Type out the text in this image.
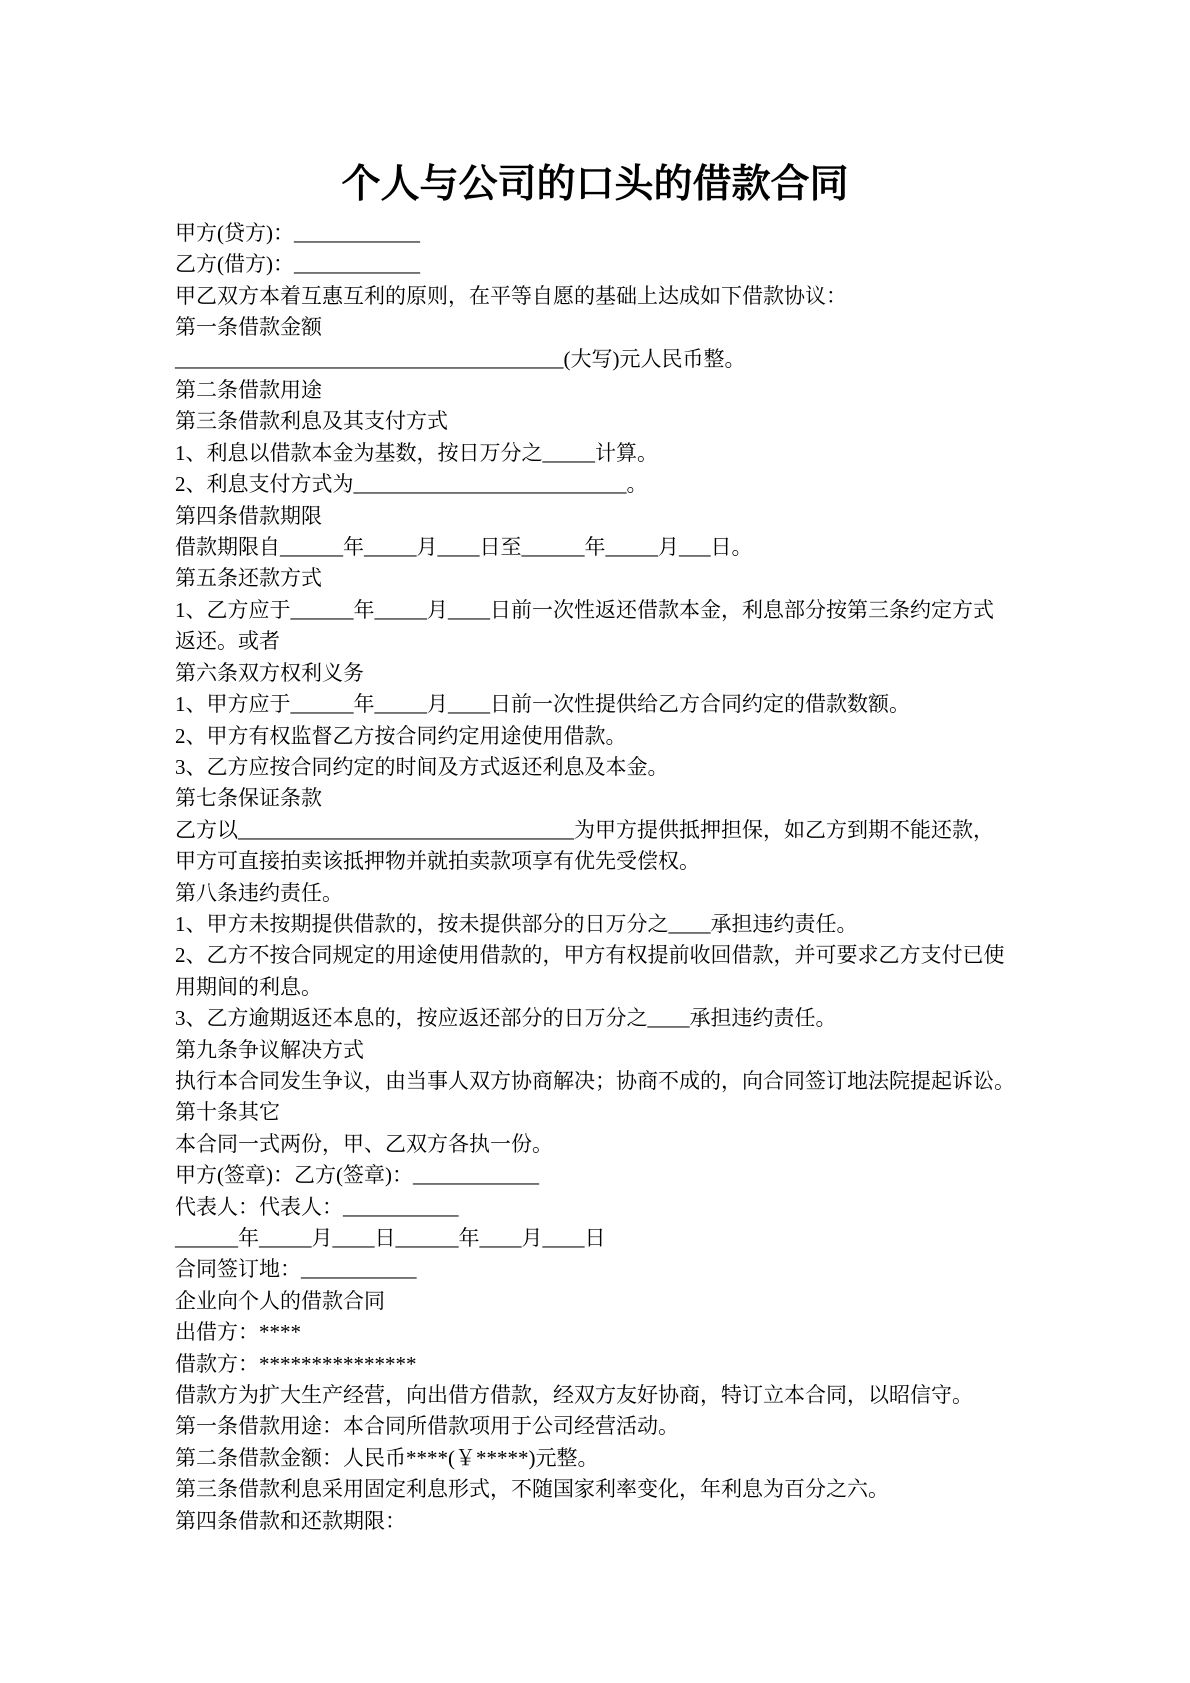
个人与公司的口头的借款合同
甲方(贷方)：____________
乙方(借方)：____________
甲乙双方本着互惠互利的原则，在平等自愿的基础上达成如下借款协议：
第一条借款金额
_____________________________________(大写)元人民币整。
第二条借款用途
第三条借款利息及其支付方式
1、利息以借款本金为基数，按日万分之_____计算。
2、利息支付方式为__________________________。
第四条借款期限
借款期限自______年_____月____日至______年_____月___日。
第五条还款方式
1、乙方应于______年_____月____日前一次性返还借款本金，利息部分按第三条约定方式
返还。或者
第六条双方权利义务
1、甲方应于______年_____月____日前一次性提供给乙方合同约定的借款数额。
2、甲方有权监督乙方按合同约定用途使用借款。
3、乙方应按合同约定的时间及方式返还利息及本金。
第七条保证条款
乙方以________________________________为甲方提供抵押担保，如乙方到期不能还款，
甲方可直接拍卖该抵押物并就拍卖款项享有优先受偿权。
第八条违约责任。
1、甲方未按期提供借款的，按未提供部分的日万分之____承担违约责任。
2、乙方不按合同规定的用途使用借款的，甲方有权提前收回借款，并可要求乙方支付已使
用期间的利息。
3、乙方逾期返还本息的，按应返还部分的日万分之____承担违约责任。
第九条争议解决方式
执行本合同发生争议，由当事人双方协商解决；协商不成的，向合同签订地法院提起诉讼。
第十条其它
本合同一式两份，甲、乙双方各执一份。
甲方(签章)：乙方(签章)：____________
代表人：代表人：___________
______年_____月____日______年____月____日
合同签订地：___________
企业向个人的借款合同
出借方：****
借款方：***************
借款方为扩大生产经营，向出借方借款，经双方友好协商，特订立本合同，以昭信守。
第一条借款用途：本合同所借款项用于公司经营活动。
第二条借款金额：人民币****(￥*****)元整。
第三条借款利息采用固定利息形式，不随国家利率变化，年利息为百分之六。
第四条借款和还款期限：
